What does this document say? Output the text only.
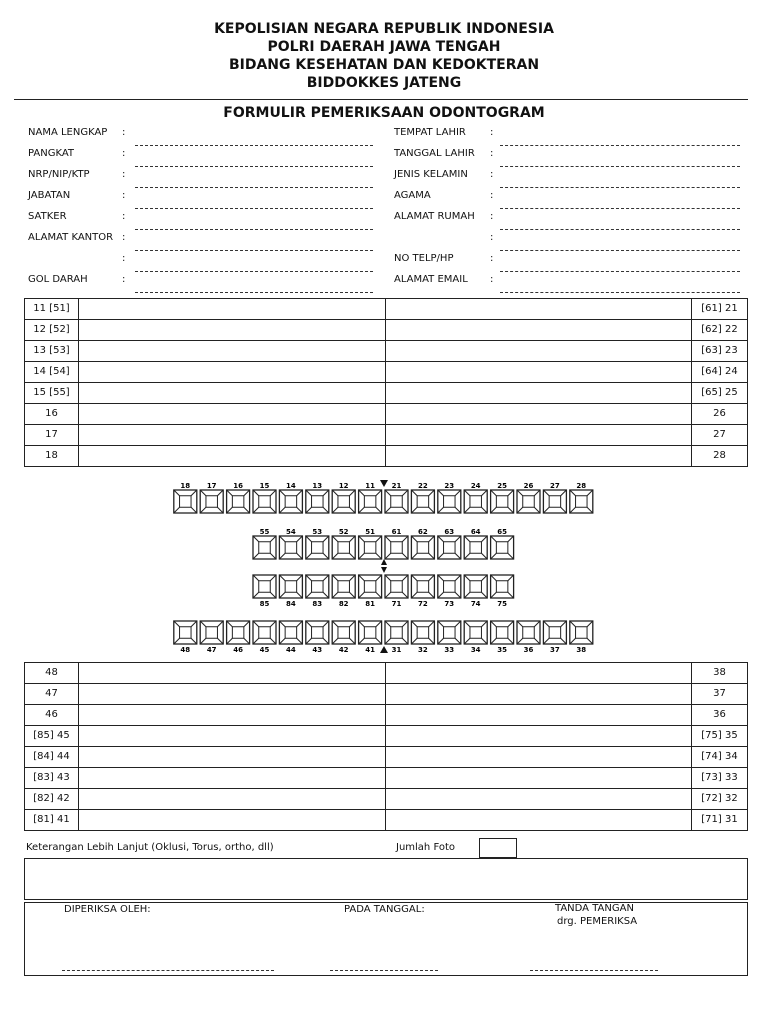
KEPOLISIAN NEGARA REPUBLIK INDONESIA
POLRI DAERAH JAWA TENGAH
BIDANG KESEHATAN DAN KEDOKTERAN
BIDDOKKES JATENG
FORMULIR PEMERIKSAAN ODONTOGRAM
NAMA LENGKAP :	TEMPAT LAHIR :
PANGKAT	:	TANGGAL LAHIR :
NRP/NIP/KTP	:	JENIS KELAMIN :
JABATAN	:	AGAMA	:
SATKER	:	ALAMAT RUMAH :
ALAMAT KANTOR :	:
:	NO TELP/HP	:
GOL DARAH	:	ALAMAT EMAIL :
11 [51]			[61] 21
12 [52]			[62] 22
13 [53]			[63] 23
14 [54]			[64] 24
15 [55]			[65] 25
16			26
17			27
18			28
18 17 16 15 14 13 12 11 21 22 23 24 25 26 27 28
55 54 53 52 51 61 62 63 64 65
85 84 83 82 81 71 72 73 74 75
48 47 46 45 44 43 42 41 31 32 33 34 35 36 37 38
48			38
47			37
46			36
[85] 45			[75] 35
[84] 44			[74] 34
[83] 43			[73] 33
[82] 42			[72] 32
[81] 41			[71] 31
Keterangan Lebih Lanjut (Oklusi, Torus, ortho, dll)	Jumlah Foto
DIPERIKSA OLEH:	PADA TANGGAL:	TANDA TANGAN
drg. PEMERIKSA
